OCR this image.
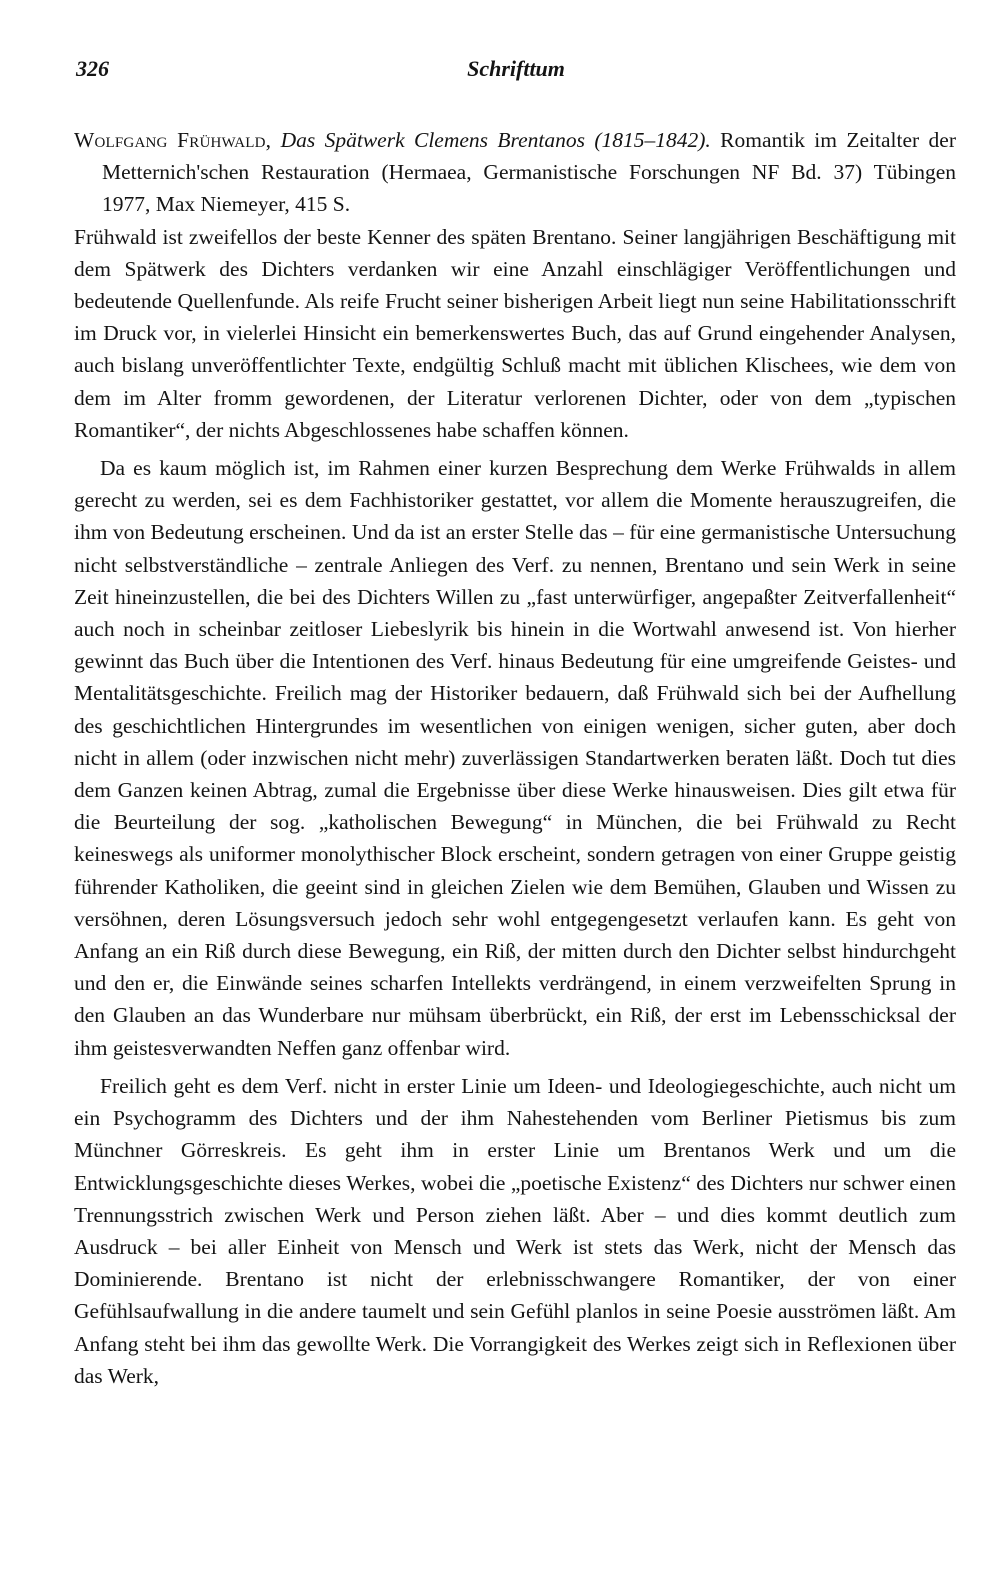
326	Schrifttum

Wolfgang Frühwald, Das Spätwerk Clemens Brentanos (1815–1842). Romantik im Zeitalter der Metternich'schen Restauration (Hermaea, Germanistische Forschungen NF Bd. 37) Tübingen 1977, Max Niemeyer, 415 S.

Frühwald ist zweifellos der beste Kenner des späten Brentano. Seiner langjährigen Beschäftigung mit dem Spätwerk des Dichters verdanken wir eine Anzahl einschlägiger Veröffentlichungen und bedeutende Quellenfunde. Als reife Frucht seiner bisherigen Arbeit liegt nun seine Habilitationsschrift im Druck vor, in vielerlei Hinsicht ein bemerkenswertes Buch, das auf Grund eingehender Analysen, auch bislang unveröffentlichter Texte, endgültig Schluß macht mit üblichen Klischees, wie dem von dem im Alter fromm gewordenen, der Literatur verlorenen Dichter, oder von dem „typischen Romantiker“, der nichts Abgeschlossenes habe schaffen können.

Da es kaum möglich ist, im Rahmen einer kurzen Besprechung dem Werke Frühwalds in allem gerecht zu werden, sei es dem Fachhistoriker gestattet, vor allem die Momente herauszugreifen, die ihm von Bedeutung erscheinen. Und da ist an erster Stelle das – für eine germanistische Untersuchung nicht selbstverständliche – zentrale Anliegen des Verf. zu nennen, Brentano und sein Werk in seine Zeit hineinzustellen, die bei des Dichters Willen zu „fast unterwürfiger, angepaßter Zeitverfallenheit“ auch noch in scheinbar zeitloser Liebeslyrik bis hinein in die Wortwahl anwesend ist. Von hierher gewinnt das Buch über die Intentionen des Verf. hinaus Bedeutung für eine umgreifende Geistes- und Mentalitätsgeschichte. Freilich mag der Historiker bedauern, daß Frühwald sich bei der Aufhellung des geschichtlichen Hintergrundes im wesentlichen von einigen wenigen, sicher guten, aber doch nicht in allem (oder inzwischen nicht mehr) zuverlässigen Standartwerken beraten läßt. Doch tut dies dem Ganzen keinen Abtrag, zumal die Ergebnisse über diese Werke hinausweisen. Dies gilt etwa für die Beurteilung der sog. „katholischen Bewegung“ in München, die bei Frühwald zu Recht keineswegs als uniformer monolythischer Block erscheint, sondern getragen von einer Gruppe geistig führender Katholiken, die geeint sind in gleichen Zielen wie dem Bemühen, Glauben und Wissen zu versöhnen, deren Lösungsversuch jedoch sehr wohl entgegengesetzt verlaufen kann. Es geht von Anfang an ein Riß durch diese Bewegung, ein Riß, der mitten durch den Dichter selbst hindurchgeht und den er, die Einwände seines scharfen Intellekts verdrängend, in einem verzweifelten Sprung in den Glauben an das Wunderbare nur mühsam überbrückt, ein Riß, der erst im Lebensschicksal der ihm geistesverwandten Neffen ganz offenbar wird.

Freilich geht es dem Verf. nicht in erster Linie um Ideen- und Ideologiegeschichte, auch nicht um ein Psychogramm des Dichters und der ihm Nahestehenden vom Berliner Pietismus bis zum Münchner Görreskreis. Es geht ihm in erster Linie um Brentanos Werk und um die Entwicklungsgeschichte dieses Werkes, wobei die „poetische Existenz“ des Dichters nur schwer einen Trennungsstrich zwischen Werk und Person ziehen läßt. Aber – und dies kommt deutlich zum Ausdruck – bei aller Einheit von Mensch und Werk ist stets das Werk, nicht der Mensch das Dominierende. Brentano ist nicht der erlebnisschwangere Romantiker, der von einer Gefühlsaufwallung in die andere taumelt und sein Gefühl planlos in seine Poesie ausströmen läßt. Am Anfang steht bei ihm das gewollte Werk. Die Vorrangigkeit des Werkes zeigt sich in Reflexionen über das Werk,
